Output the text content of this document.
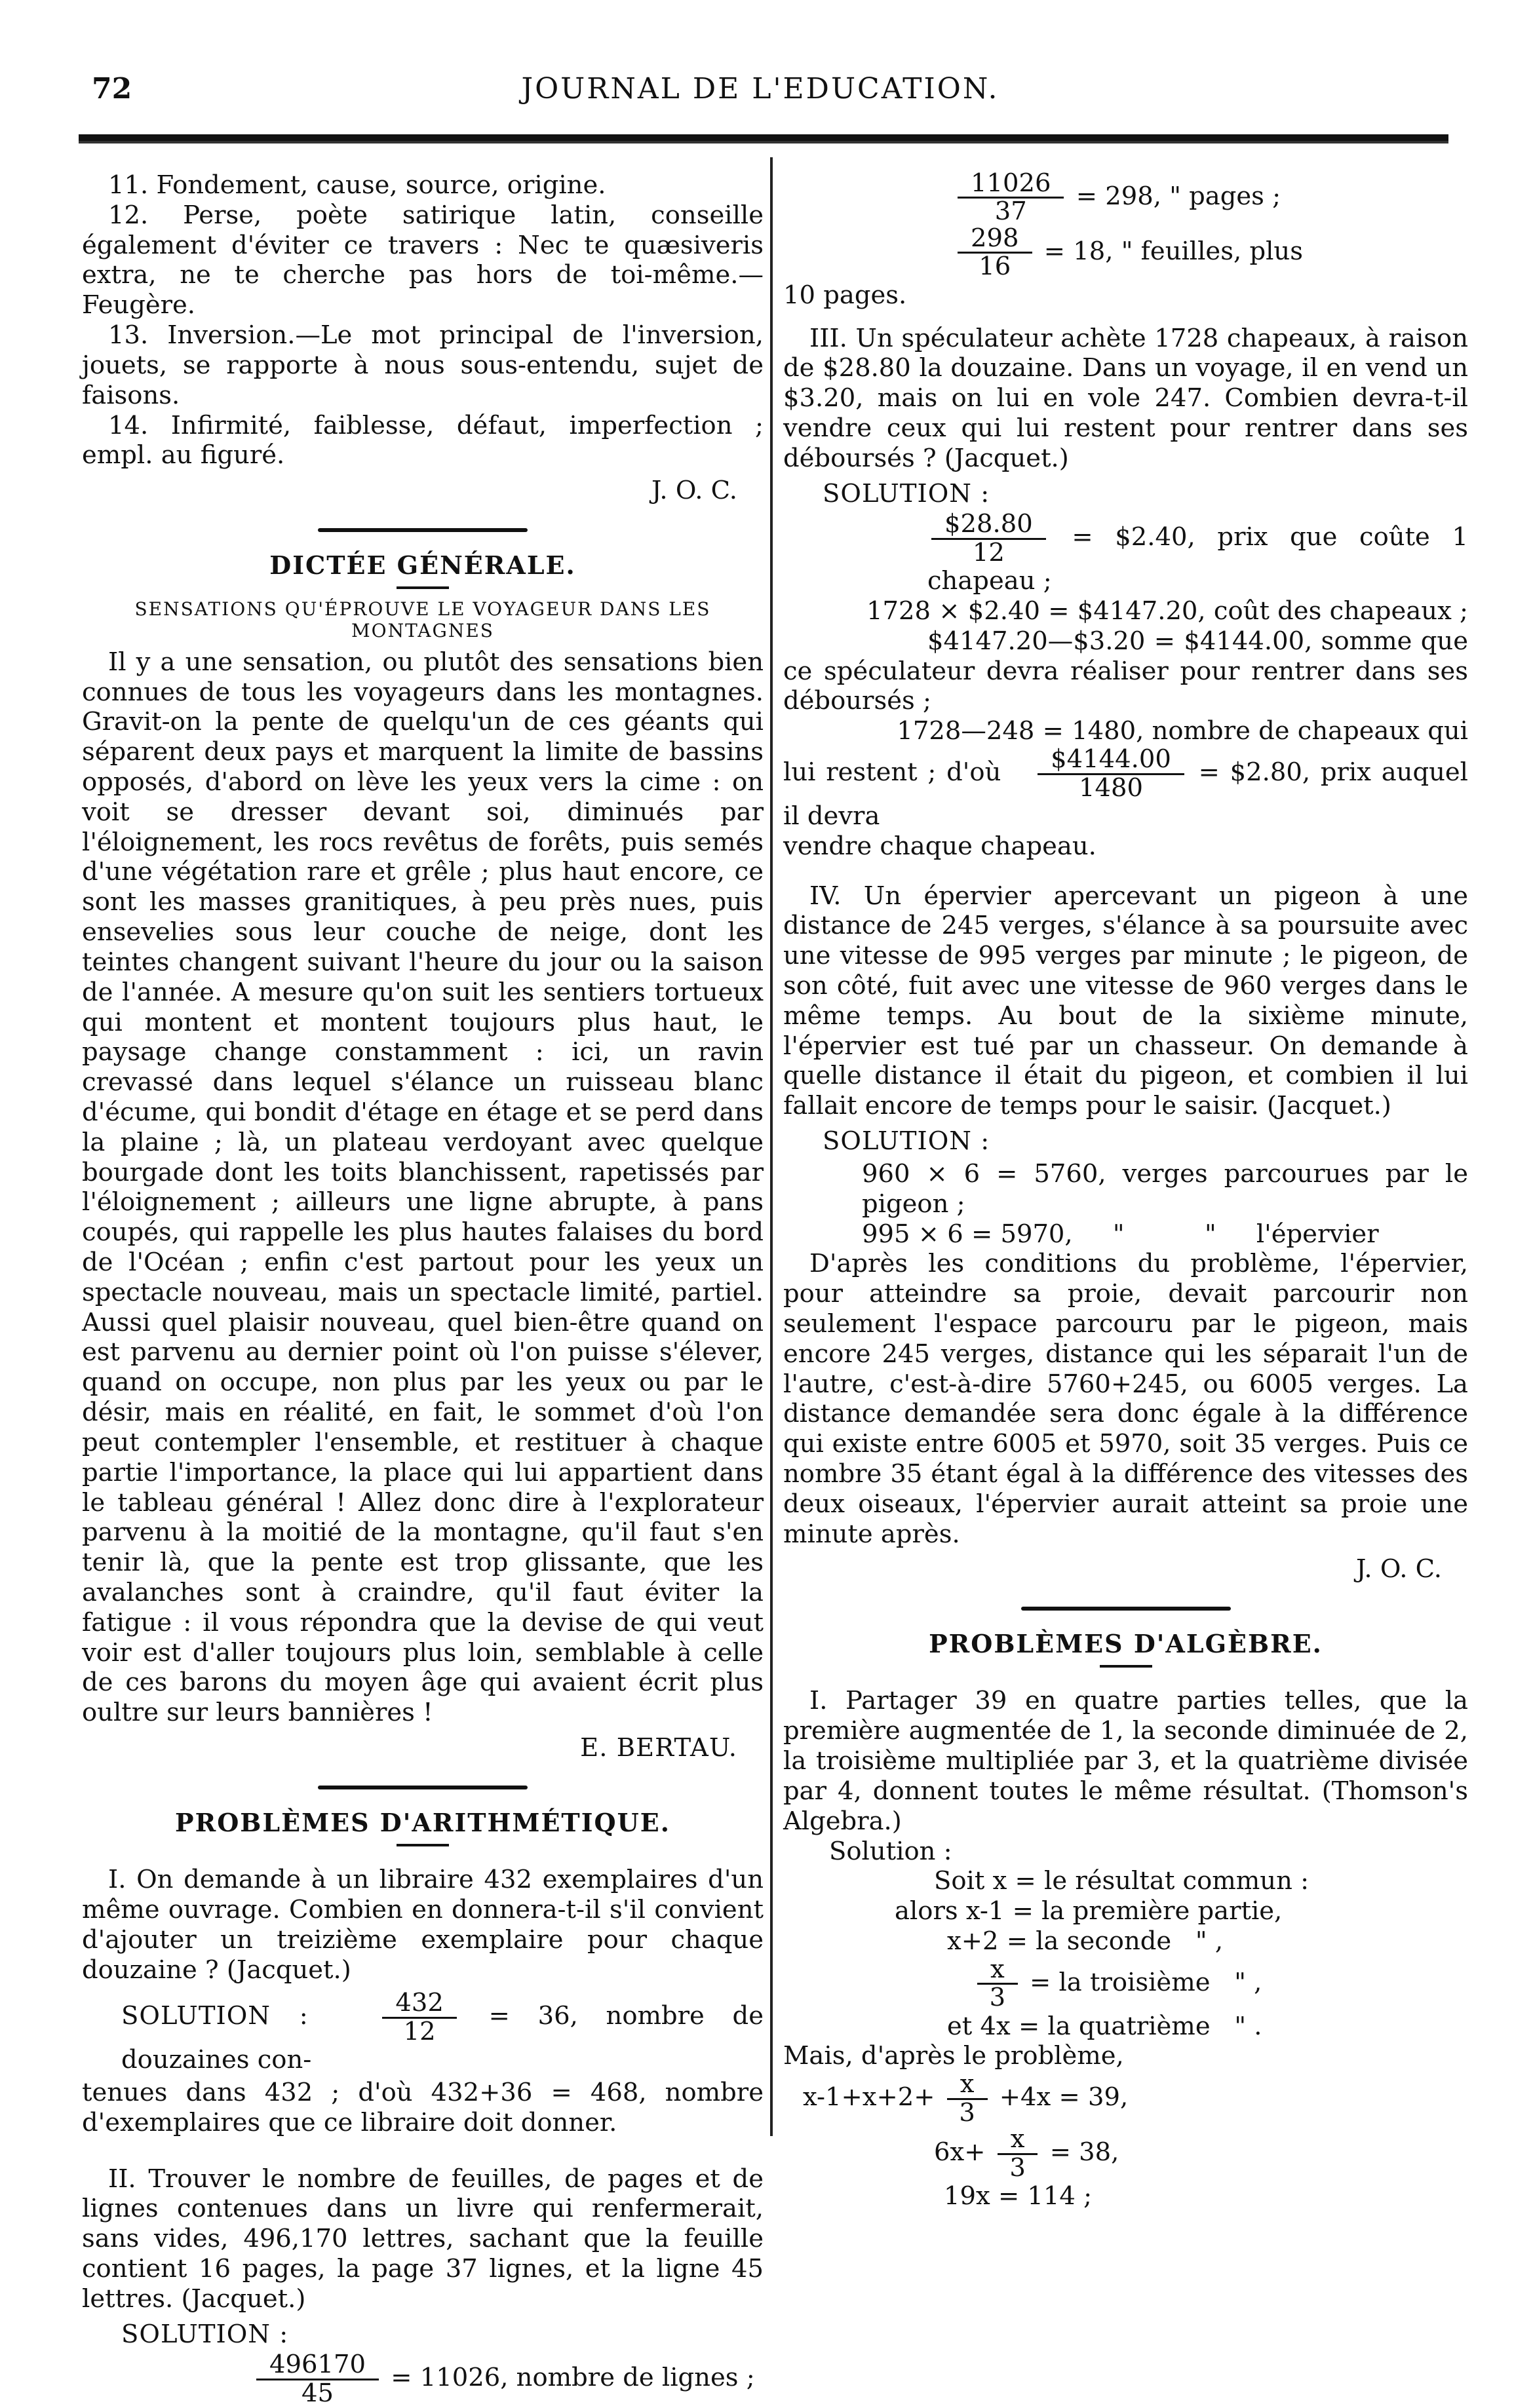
72	JOURNAL DE L'EDUCATION.

11. Fondement, cause, source, origine.

12. Perse, poète satirique latin, conseille également d'éviter ce travers : Nec te quæsiveris extra, ne te cherche pas hors de toi-même.—Feugère.

13. Inversion.—Le mot principal de l'inversion, jouets, se rapporte à nous sous-entendu, sujet de faisons.

14. Infirmité, faiblesse, défaut, imperfection ; empl. au figuré.

J. O. C.

DICTÉE GÉNÉRALE.

SENSATIONS QU'ÉPROUVE LE VOYAGEUR DANS LES MONTAGNES

Il y a une sensation, ou plutôt des sensations bien connues de tous les voyageurs dans les montagnes. Gravit-on la pente de quelqu'un de ces géants qui séparent deux pays et marquent la limite de bassins opposés, d'abord on lève les yeux vers la cime : on voit se dresser devant soi, diminués par l'éloignement, les rocs revêtus de forêts, puis semés d'une végétation rare et grêle ; plus haut encore, ce sont les masses granitiques, à peu près nues, puis ensevelies sous leur couche de neige, dont les teintes changent suivant l'heure du jour ou la saison de l'année. A mesure qu'on suit les sentiers tortueux qui montent et montent toujours plus haut, le paysage change constamment : ici, un ravin crevassé dans lequel s'élance un ruisseau blanc d'écume, qui bondit d'étage en étage et se perd dans la plaine ; là, un plateau verdoyant avec quelque bourgade dont les toits blanchissent, rapetissés par l'éloignement ; ailleurs une ligne abrupte, à pans coupés, qui rappelle les plus hautes falaises du bord de l'Océan ; enfin c'est partout pour les yeux un spectacle nouveau, mais un spectacle limité, partiel. Aussi quel plaisir nouveau, quel bien-être quand on est parvenu au dernier point où l'on puisse s'élever, quand on occupe, non plus par les yeux ou par le désir, mais en réalité, en fait, le sommet d'où l'on peut contempler l'ensemble, et restituer à chaque partie l'importance, la place qui lui appartient dans le tableau général ! Allez donc dire à l'explorateur parvenu à la moitié de la montagne, qu'il faut s'en tenir là, que la pente est trop glissante, que les avalanches sont à craindre, qu'il faut éviter la fatigue : il vous répondra que la devise de qui veut voir est d'aller toujours plus loin, semblable à celle de ces barons du moyen âge qui avaient écrit plus oultre sur leurs bannières !

E. BERTAU.

PROBLÈMES D'ARITHMÉTIQUE.

I. On demande à un libraire 432 exemplaires d'un même ouvrage. Combien en donnera-t-il s'il convient d'ajouter un treizième exemplaire pour chaque douzaine ? (Jacquet.)

SOLUTION :	$\frac{432}{12} = 36$, nombre de douzaines con-

tenues dans 432 ; d'où 432+36 = 468, nombre d'exemplaires que ce libraire doit donner.

II. Trouver le nombre de feuilles, de pages et de lignes contenues dans un livre qui renfermerait, sans vides, 496,170 lettres, sachant que la feuille contient 16 pages, la page 37 lignes, et la ligne 45 lettres. (Jacquet.)

SOLUTION :
$\frac{496170}{45} = 11026$, nombre de lignes ;
$\frac{11026}{37} = 298$, " pages ;
$\frac{298}{16} = 18$, " feuilles, plus

10 pages.

III. Un spéculateur achète 1728 chapeaux, à raison de $28.80 la douzaine. Dans un voyage, il en vend un $3.20, mais on lui en vole 247. Combien devra-t-il vendre ceux qui lui restent pour rentrer dans ses déboursés ? (Jacquet.)

SOLUTION :
$\frac{\$28.80}{12}$ = $2.40, prix que coûte 1 chapeau ;

1728 × $2.40 = $4147.20, coût des chapeaux ;

$4147.20—$3.20 = $4144.00, somme que ce spéculateur devra réaliser pour rentrer dans ses déboursés ;

1728—248 = 1480, nombre de chapeaux qui

lui restent ; d'où $\frac{\$4144.00}{1480}$ = $2.80, prix auquel il devra

vendre chaque chapeau.

IV. Un épervier apercevant un pigeon à une distance de 245 verges, s'élance à sa poursuite avec une vitesse de 995 verges par minute ; le pigeon, de son côté, fuit avec une vitesse de 960 verges dans le même temps. Au bout de la sixième minute, l'épervier est tué par un chasseur. On demande à quelle distance il était du pigeon, et combien il lui fallait encore de temps pour le saisir. (Jacquet.)

SOLUTION :

960 × 6 = 5760, verges parcourues par le pigeon ;

995 × 6 = 5970,     "          "     l'épervier

D'après les conditions du problème, l'épervier, pour atteindre sa proie, devait parcourir non seulement l'espace parcouru par le pigeon, mais encore 245 verges, distance qui les séparait l'un de l'autre, c'est-à-dire 5760+245, ou 6005 verges. La distance demandée sera donc égale à la différence qui existe entre 6005 et 5970, soit 35 verges. Puis ce nombre 35 étant égal à la différence des vitesses des deux oiseaux, l'épervier aurait atteint sa proie une minute après.

J. O. C.

PROBLÈMES D'ALGÈBRE.

I. Partager 39 en quatre parties telles, que la première augmentée de 1, la seconde diminuée de 2, la troisième multipliée par 3, et la quatrième divisée par 4, donnent toutes le même résultat. (Thomson's Algebra.)

Solution :

Soit x = le résultat commun :

alors x-1 = la première partie,

x+2 = la seconde   " ,

$\frac{x}{3}$ = la troisième   " ,

et 4x = la quatrième   " .

Mais, d'après le problème,

$x-1+x+2+ \frac{x}{3} +4x = 39$,
$6x+ \frac{x}{3} = 38$,

19x = 114 ;
